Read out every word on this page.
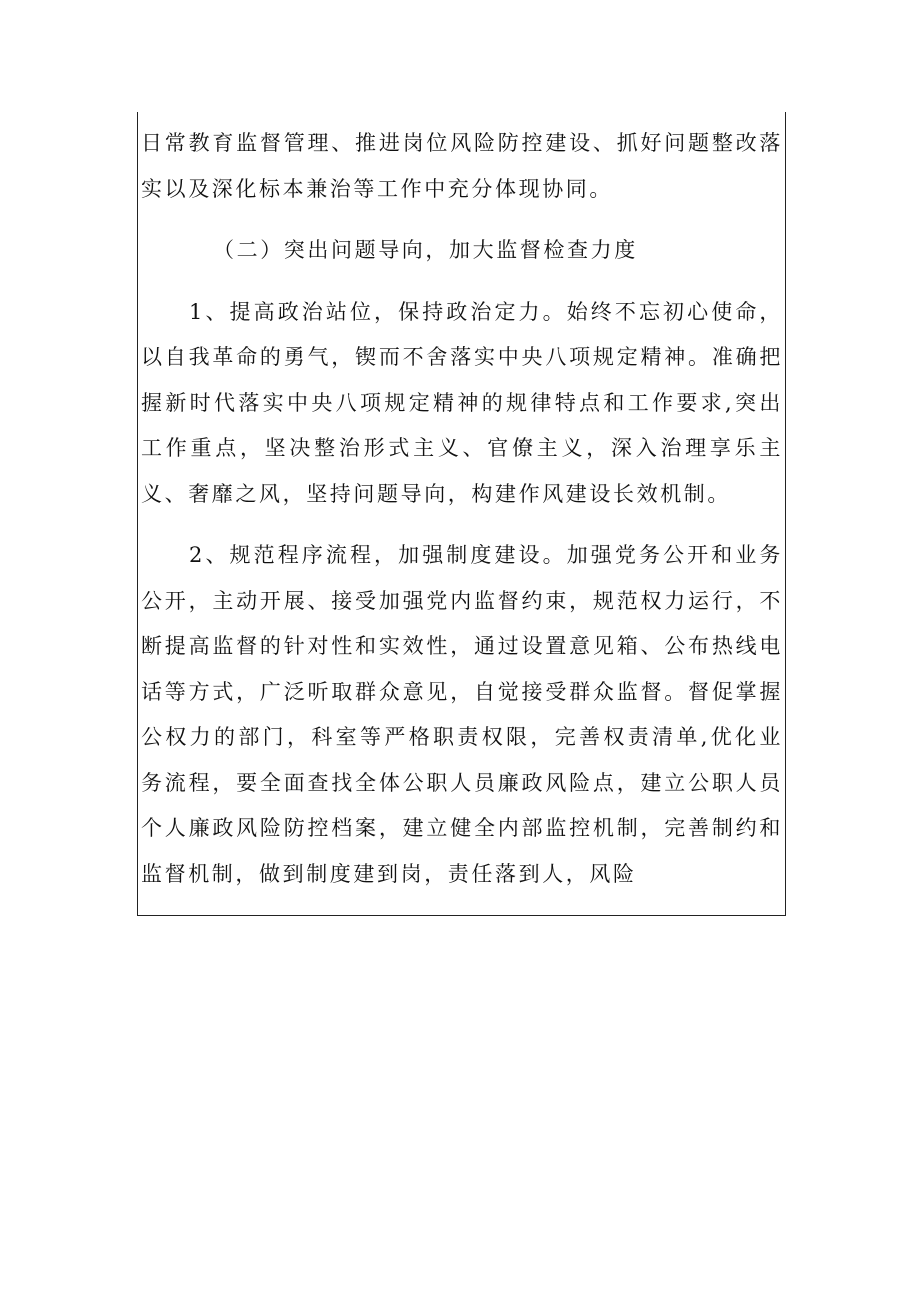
日常教育监督管理、推进岗位风险防控建设、抓好问题整改落实以及深化标本兼治等工作中充分体现协同。

（二）突出问题导向，加大监督检查力度

1、提高政治站位，保持政治定力。始终不忘初心使命，以自我革命的勇气，锲而不舍落实中央八项规定精神。准确把握新时代落实中央八项规定精神的规律特点和工作要求,突出工作重点，坚决整治形式主义、官僚主义，深入治理享乐主义、奢靡之风，坚持问题导向，构建作风建设长效机制。

2、规范程序流程，加强制度建设。加强党务公开和业务公开，主动开展、接受加强党内监督约束，规范权力运行，不断提高监督的针对性和实效性，通过设置意见箱、公布热线电话等方式，广泛听取群众意见，自觉接受群众监督。督促掌握公权力的部门，科室等严格职责权限，完善权责清单,优化业务流程，要全面查找全体公职人员廉政风险点，建立公职人员个人廉政风险防控档案，建立健全内部监控机制，完善制约和监督机制，做到制度建到岗，责任落到人，风险
